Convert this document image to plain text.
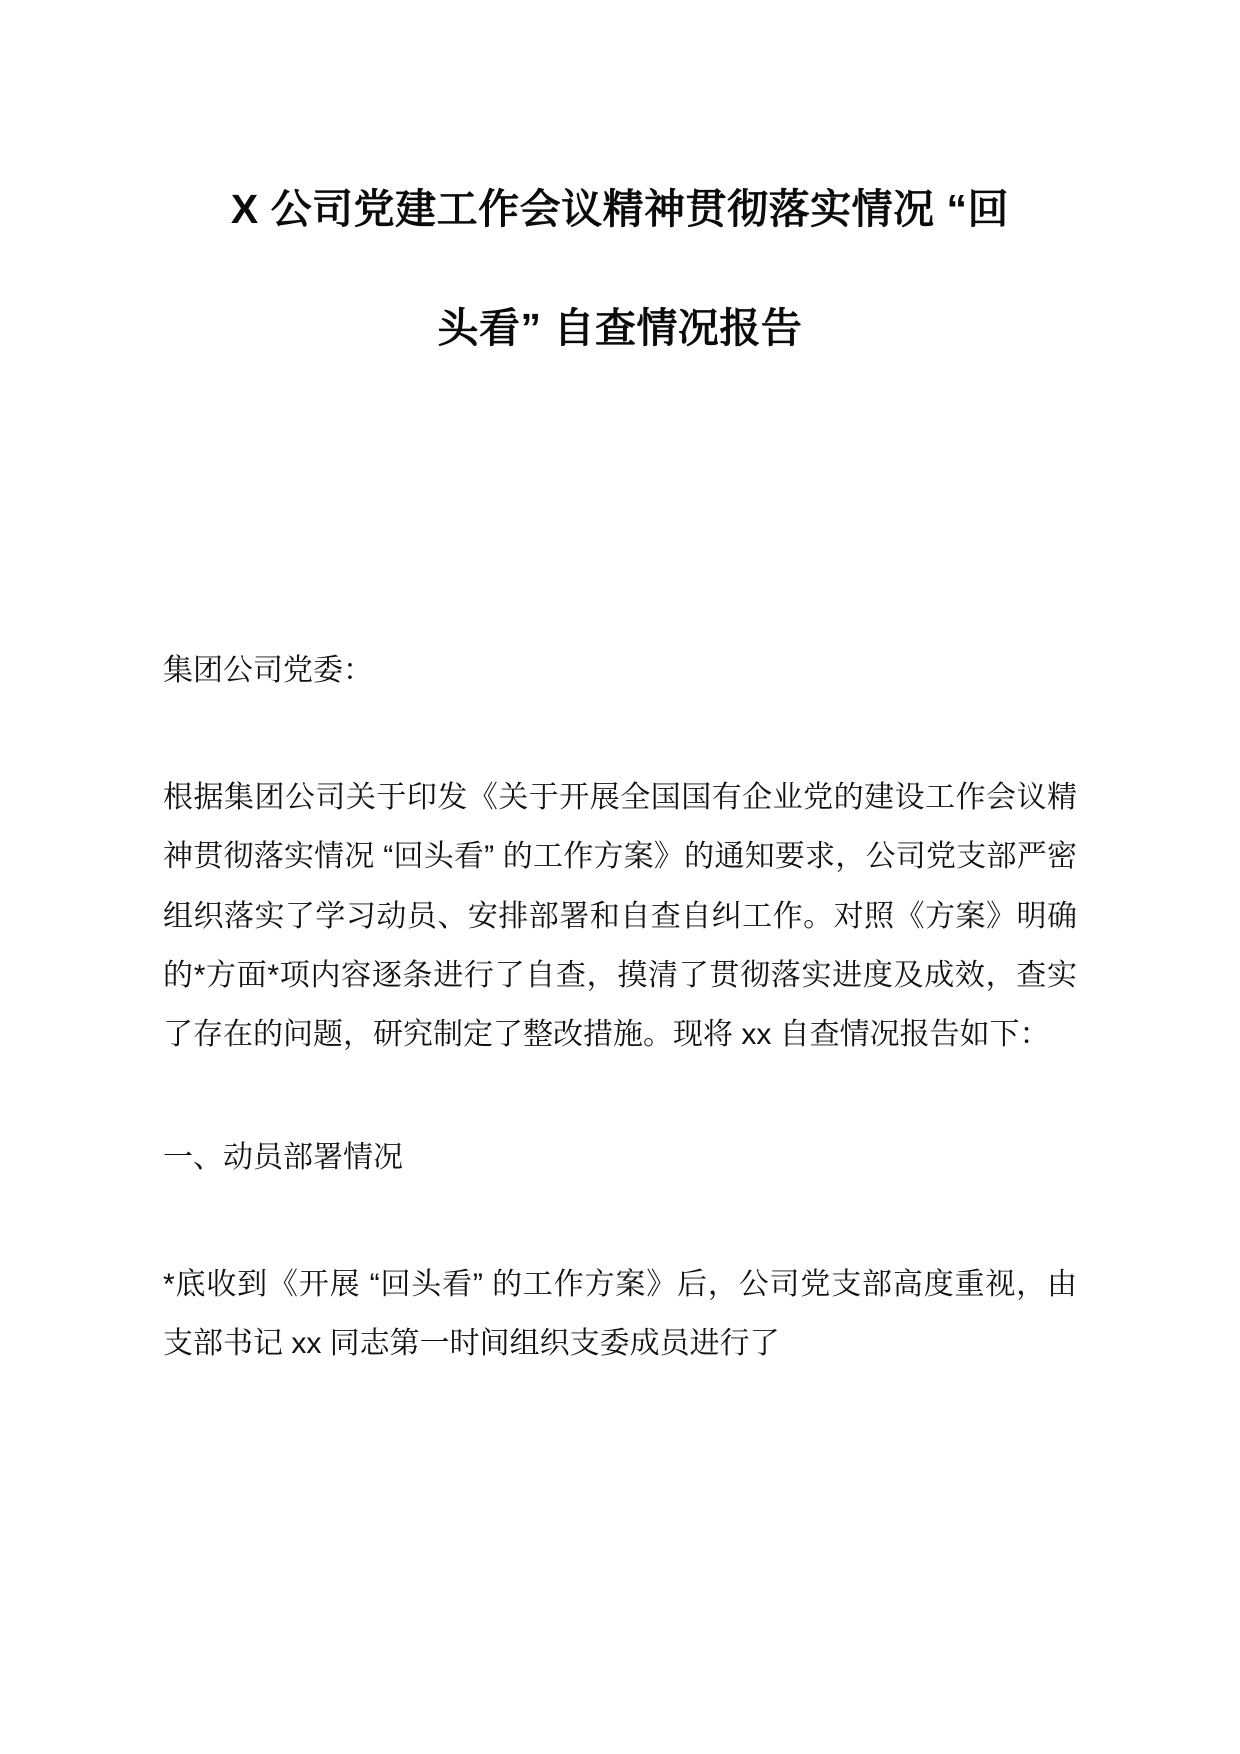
X 公司党建工作会议精神贯彻落实情况 “回
头看” 自查情况报告

集团公司党委：

根据集团公司关于印发《关于开展全国国有企业党的建设工作会议精神贯彻落实情况 “回头看” 的工作方案》的通知要求，公司党支部严密组织落实了学习动员、安排部署和自查自纠工作。对照《方案》明确的*方面*项内容逐条进行了自查，摸清了贯彻落实进度及成效，查实了存在的问题，研究制定了整改措施。现将 xx 自查情况报告如下：

一、动员部署情况

*底收到《开展 “回头看” 的工作方案》后，公司党支部高度重视，由支部书记 xx 同志第一时间组织支委成员进行了
